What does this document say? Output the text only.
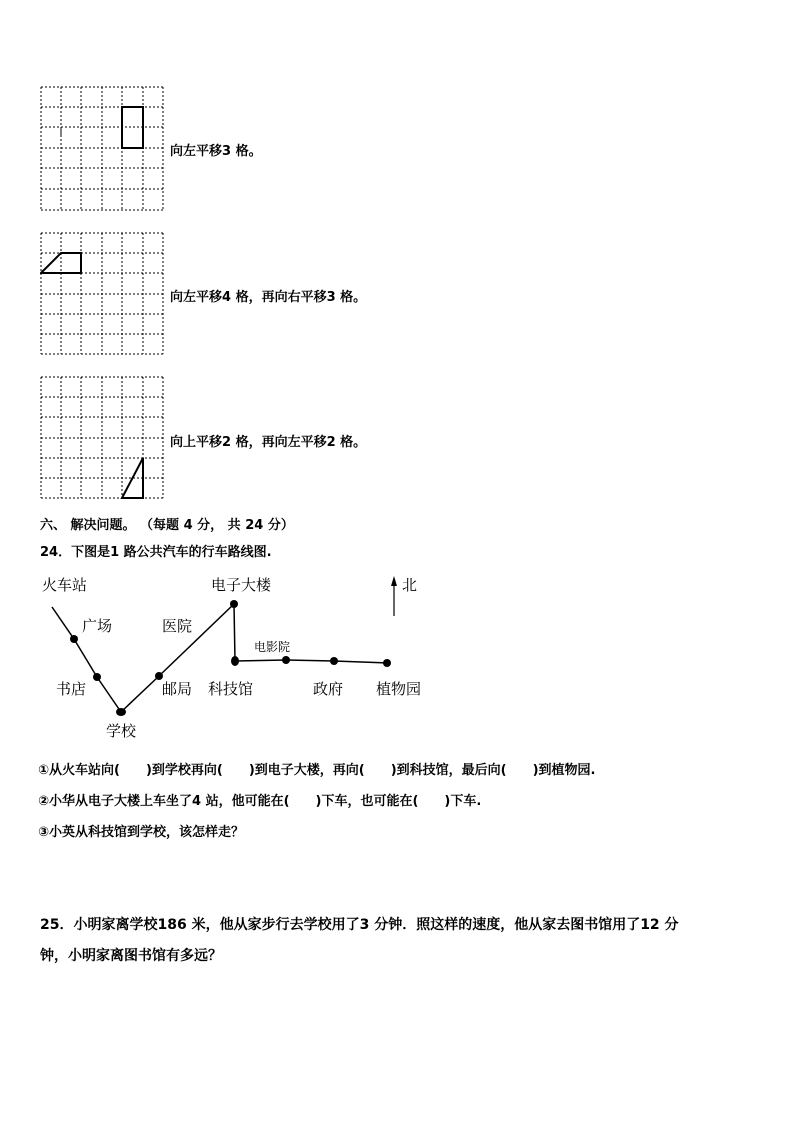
向左平移3 格。
向左平移4 格，再向右平移3 格。
向上平移2 格，再向左平移2 格。
六、 解决问题。 （每题 4 分， 共 24 分）
24．下图是1 路公共汽车的行车路线图.
火车站
广场
书店
学校
邮局
医院
电子大楼
科技馆
电影院
政府 植物园
北
①从火车站向(　　)到学校再向(　　)到电子大楼，再向(　　)到科技馆，最后向(　　)到植物园.
②小华从电子大楼上车坐了4 站，他可能在(　　)下车，也可能在(　　)下车.
③小英从科技馆到学校，该怎样走？
25．小明家离学校186 米，他从家步行去学校用了3 分钟．照这样的速度，他从家去图书馆用了12 分
钟，小明家离图书馆有多远？
